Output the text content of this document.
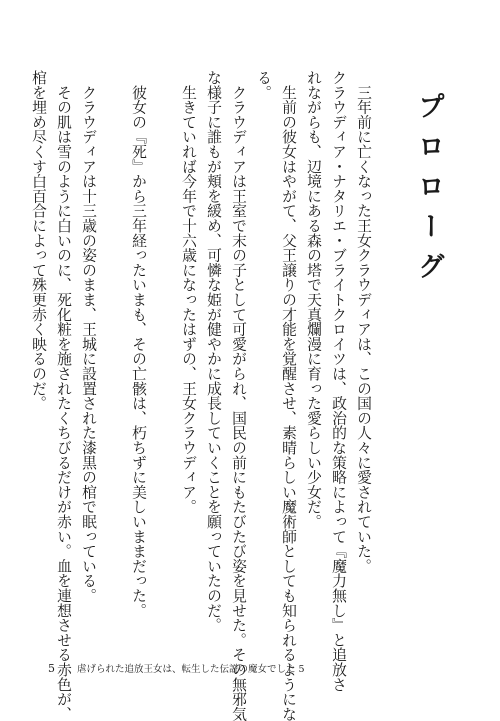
プロローグ

　三年前に亡くなった王女クラウディアは、この国の人々に愛されていた。

クラウディア・ナタリエ・ブライトクロイツは、政治的な策略によって『魔力無し』と追放さ

れながらも、辺境にある森の塔で天真爛漫に育った愛らしい少女だ。

　生前の彼女はやがて、父王譲りの才能を覚醒させ、素晴らしい魔術師としても知られるようにな

る。

　クラウディアは王室で末の子として可愛がられ、国民の前にもたびたび姿を見せた。その無邪気

な様子に誰もが頬を緩め、可憐な姫が健やかに成長していくことを願っていたのだ。

　生きていれば今年で十六歳になったはずの、王女クラウディア。

　彼女の『死』から三年経ったいまも、その亡骸は、朽ちずに美しいままだった。

　クラウディアは十三歳の姿のまま、王城に設置された漆黒の棺で眠っている。

　その肌は雪のように白いのに、死化粧を施されたくちびるだけが赤い。血を連想させる赤色が、

棺を埋め尽くす白百合によって殊更赤く映るのだ。

5 虐げられた追放王女は、転生した伝説の魔女でした 5
